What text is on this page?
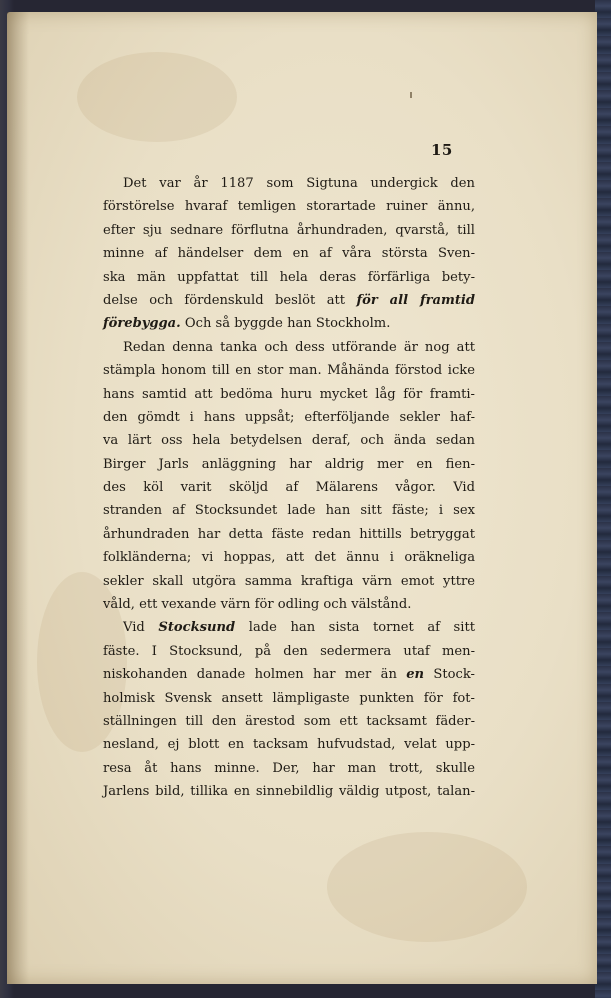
15
Det var år 1187 som Sigtuna undergick den
förstörelse hvaraf temligen storartade ruiner ännu,
efter sju sednare förflutna århundraden, qvarstå, till
minne af händelser dem en af våra största Sven-
ska män uppfattat till hela deras förfärliga bety-
delse och fördenskuld beslöt att för all framtid
förebygga. Och så byggde han Stockholm.
Redan denna tanka och dess utförande är nog att
stämpla honom till en stor man. Måhända förstod icke
hans samtid att bedöma huru mycket låg för framti-
den gömdt i hans uppsåt; efterföljande sekler haf-
va lärt oss hela betydelsen deraf, och ända sedan
Birger Jarls anläggning har aldrig mer en fien-
des köl varit sköljd af Mälarens vågor. Vid
stranden af Stocksundet lade han sitt fäste; i sex
århundraden har detta fäste redan hittills betryggat
folkländerna; vi hoppas, att det ännu i oräkneliga
sekler skall utgöra samma kraftiga värn emot yttre
våld, ett vexande värn för odling och välstånd.
Vid Stocksund lade han sista tornet af sitt
fäste. I Stocksund, på den sedermera utaf men-
niskohanden danade holmen har mer än en Stock-
holmisk Svensk ansett lämpligaste punkten för fot-
ställningen till den ärestod som ett tacksamt fäder-
nesland, ej blott en tacksam hufvudstad, velat upp-
resa åt hans minne. Der, har man trott, skulle
Jarlens bild, tillika en sinnebildlig väldig utpost, talan-
